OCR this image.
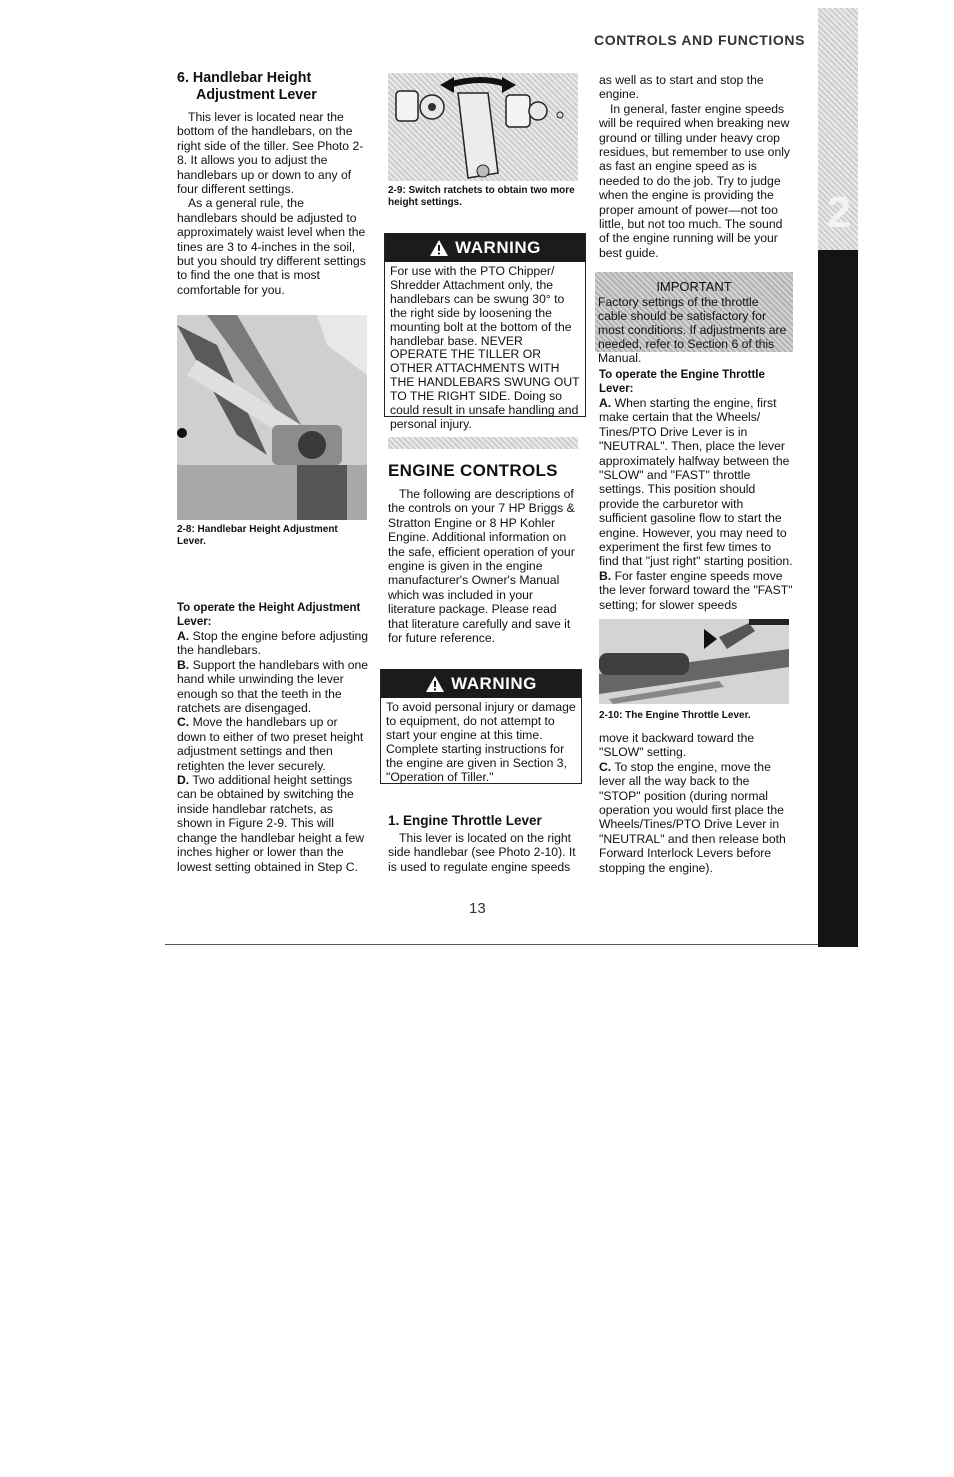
CONTROLS AND FUNCTIONS
2
6. Handlebar Height
Adjustment Lever

This lever is located near the bottom of the handlebars, on the right side of the tiller. See Photo 2-8. It allows you to adjust the handlebars up or down to any of four different settings.

As a general rule, the handlebars should be adjusted to approximately waist level when the tines are 3 to 4-inches in the soil, but you should try different settings to find the one that is most comfortable for you.

2-8: Handlebar Height Adjustment Lever.
To operate the Height Adjustment Lever:

A. Stop the engine before adjusting the handlebars.

B. Support the handlebars with one hand while unwinding the lever enough so that the teeth in the ratchets are disengaged.

C. Move the handlebars up or down to either of two preset height adjustment settings and then retighten the lever securely.

D. Two additional height settings can be obtained by switching the inside handlebar ratchets, as shown in Figure 2-9. This will change the handlebar height a few inches higher or lower than the lowest setting obtained in Step C.

2-9: Switch ratchets to obtain two more height settings.
WARNING
For use with the PTO Chipper/ Shredder Attachment only, the handlebars can be swung 30° to the right side by loosening the mounting bolt at the bottom of the handlebar base. NEVER OPERATE THE TILLER OR OTHER ATTACHMENTS WITH THE HANDLEBARS SWUNG OUT TO THE RIGHT SIDE. Doing so could result in unsafe handling and personal injury.
ENGINE CONTROLS

The following are descriptions of the controls on your 7 HP Briggs & Stratton Engine or 8 HP Kohler Engine. Additional information on the safe, efficient operation of your engine is given in the engine manufacturer's Owner's Manual which was included in your literature package. Please read that literature carefully and save it for future reference.

WARNING
To avoid personal injury or damage to equipment, do not attempt to start your engine at this time. Complete starting instructions for the engine are given in Section 3, "Operation of Tiller."
1. Engine Throttle Lever

This lever is located on the right side handlebar (see Photo 2-10). It is used to regulate engine speeds

as well as to start and stop the engine.

In general, faster engine speeds will be required when breaking new ground or tilling under heavy crop residues, but remember to use only as fast an engine speed as is needed to do the job. Try to judge when the engine is providing the proper amount of power—not too little, but not too much. The sound of the engine running will be your best guide.

IMPORTANT
Factory settings of the throttle cable should be satisfactory for most conditions. If adjustments are needed, refer to Section 6 of this Manual.
To operate the Engine Throttle Lever:

A. When starting the engine, first make certain that the Wheels/ Tines/PTO Drive Lever is in "NEUTRAL". Then, place the lever approximately halfway between the "SLOW" and "FAST" throttle settings. This position should provide the carburetor with sufficient gasoline flow to start the engine. However, you may need to experiment the first few times to find that "just right" starting position.

B. For faster engine speeds move the lever forward toward the "FAST" setting; for slower speeds

2-10: The Engine Throttle Lever.

move it backward toward the "SLOW" setting.

C. To stop the engine, move the lever all the way back to the "STOP" position (during normal operation you would first place the Wheels/Tines/PTO Drive Lever in "NEUTRAL" and then release both Forward Interlock Levers before stopping the engine).

13
